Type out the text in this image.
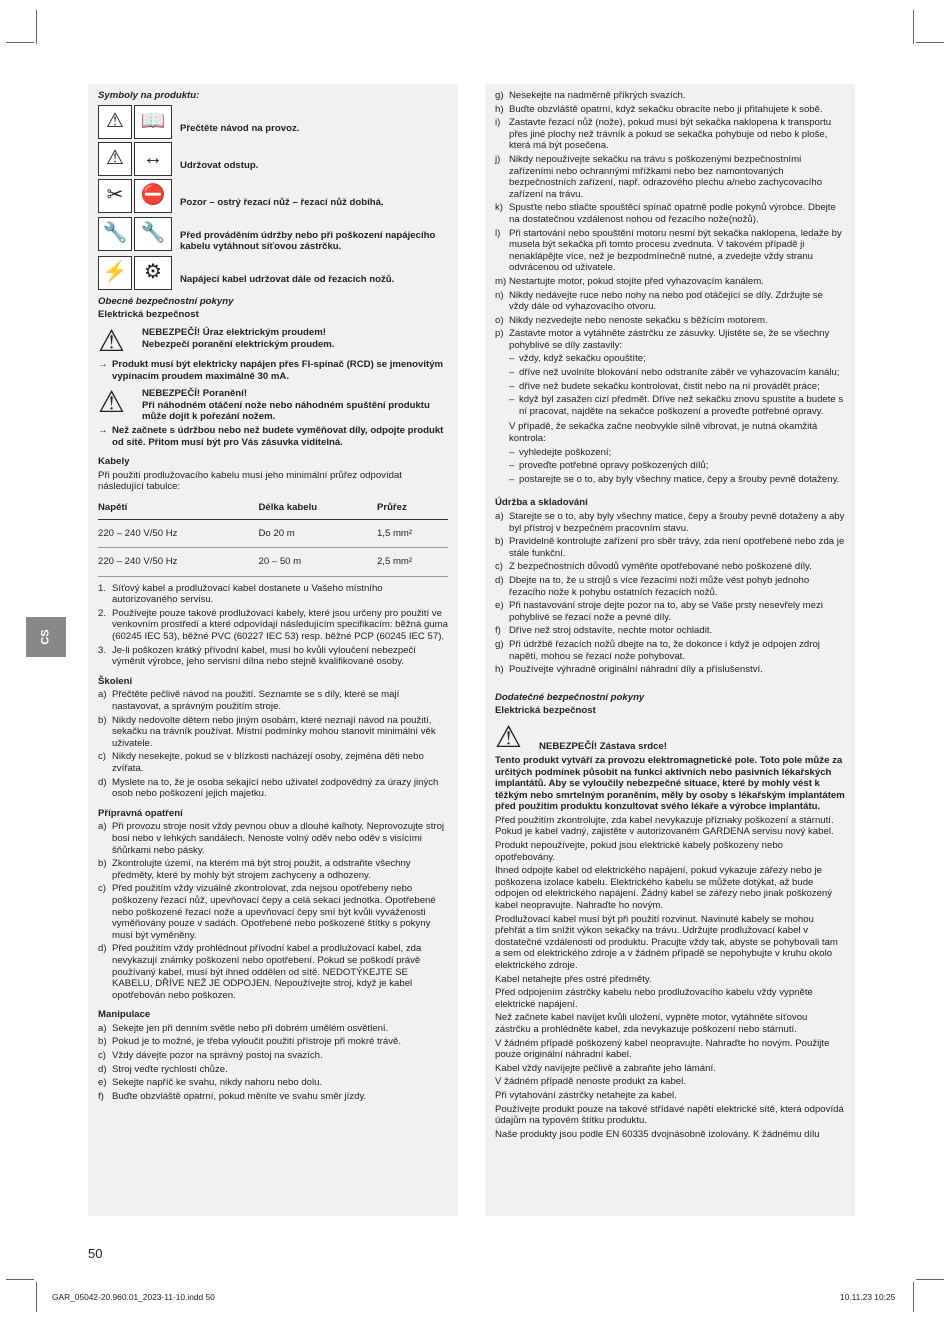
CS

Symboly na produktu:

⚠ 📖	Přečtěte návod na provoz.
⚠ ↔	Udržovat odstup.
✂ ⛔	Pozor – ostrý řezací nůž – řezací nůž dobíhá.
🔧 🔧	Před prováděním údržby nebo při poškození napájecího kabelu vytáhnout síťovou zástrčku.
⚡ ⚙	Napájecí kabel udržovat dále od řezacích nožů.

Obecné bezpečnostní pokyny

Elektrická bezpečnost

⚠	NEBEZPEČÍ! Úraz elektrickým proudem!
Nebezpečí poranění elektrickým proudem.
→ Produkt musí být elektricky napájen přes FI-spínač (RCD) se jmenovitým vypínacím proudem maximálně 30 mA.
⚠	NEBEZPEČÍ! Poranění!
Při náhodném otáčení nože nebo náhodném spuštění produktu může dojít k pořezání nožem.
→ Než začnete s údržbou nebo než budete vyměňovat díly, odpojte produkt od sítě. Přitom musí být pro Vás zásuvka viditelná.

Kabely

Při použití prodlužovacího kabelu musí jeho minimální průřez odpovídat následující tabulce:

Napětí	Délka kabelu	Průřez
220 – 240 V/50 Hz	Do 20 m	1,5 mm²
220 – 240 V/50 Hz	20 – 50 m	2,5 mm²
1. Síťový kabel a prodlužovací kabel dostanete u Vašeho místního autorizovaného servisu.
2. Používejte pouze takové prodlužovací kabely, které jsou určeny pro použití ve venkovním prostředí a které odpovídají následujícím specifikacím: běžná guma (60245 IEC 53), běžné PVC (60227 IEC 53) resp. běžné PCP (60245 IEC 57).
3. Je-li poškozen krátký přívodní kabel, musí ho kvůli vyloučení nebezpečí výměnit výrobce, jeho servisní dílna nebo stejně kvalifikované osoby.

Školení

a) Přečtěte pečlivě návod na použití. Seznamte se s díly, které se mají nastavovat, a správným použitím stroje.
b) Nikdy nedovolte dětem nebo jiným osobám, které neznají návod na použití, sekačku na trávník používat. Místní podmínky mohou stanovit minimální věk uživatele.
c) Nikdy nesekejte, pokud se v blízkosti nacházejí osoby, zejména děti nebo zvířata.
d) Myslete na to, že je osoba sekající nebo uživatel zodpovědný za úrazy jiných osob nebo poškození jejich majetku.

Přípravná opatření

a) Při provozu stroje nosit vždy pevnou obuv a dlouhé kalhoty. Neprovozujte stroj bosi nebo v lehkých sandálech. Nenoste volný oděv nebo oděv s visícími šňůrkami nebo pásky.
b) Zkontrolujte území, na kterém má být stroj použit, a odstraňte všechny předměty, které by mohly být strojem zachyceny a odhozeny.
c) Před použitím vždy vizuálně zkontrolovat, zda nejsou opotřebeny nebo poškozeny řezací nůž, upevňovací čepy a celá sekací jednotka. Opotřebené nebo poškozené řezací nože a upevňovací čepy smí být kvůli vyváženosti vyměňovány pouze v sadách. Opotřebené nebo poškozené štítky s pokyny musí být vyměněny.
d) Před použitím vždy prohlédnout přívodní kabel a prodlužovací kabel, zda nevykazují známky poškození nebo opotřebení. Pokud se poškodí právě používaný kabel, musí být ihned oddělen od sítě. NEDOTÝKEJTE SE KABELU, DŘÍVE NEŽ JE ODPOJEN. Nepoužívejte stroj, když je kabel opotřebován nebo poškozen.

Manipulace

a) Sekejte jen při denním světle nebo při dobrém umělém osvětlení.
b) Pokud je to možné, je třeba vyloučit použití přístroje při mokré trávě.
c) Vždy dávejte pozor na správný postoj na svazích.
d) Stroj veďte rychlostí chůze.
e) Sekejte napříč ke svahu, nikdy nahoru nebo dolu.
f) Buďte obzvláště opatrní, pokud měníte ve svahu směr jízdy.
g) Nesekejte na nadměrně příkrých svazích.
h) Buďte obzvláště opatrní, když sekačku obracíte nebo ji přitahujete k sobě.
i) Zastavte řezací nůž (nože), pokud musí být sekačka naklopena k transportu přes jiné plochy než trávník a pokud se sekačka pohybuje od nebo k ploše, která má být posečena.
j) Nikdy nepoužívejte sekačku na trávu s poškozenými bezpečnostními zařízeními nebo ochrannými mřížkami nebo bez namontovaných bezpečnostních zařízení, např. odrazového plechu a/nebo zachycovacího zařízení na trávu.
k) Spusťte nebo stlačte spouštěcí spínač opatrně podle pokynů výrobce. Dbejte na dostatečnou vzdálenost nohou od řezacího nože(nožů).
l) Při startování nebo spouštění motoru nesmí být sekačka naklopena, ledaže by musela být sekačka při tomto procesu zvednuta. V takovém případě ji nenaklápějte více, než je bezpodmínečně nutné, a zvedejte vždy stranu odvrácenou od uživatele.
m) Nestartujte motor, pokud stojíte před vyhazovacím kanálem.
n) Nikdy nedávejte ruce nebo nohy na nebo pod otáčející se díly. Zdržujte se vždy dále od vyhazovacího otvoru.
o) Nikdy nezvedejte nebo nenoste sekačku s běžícím motorem.
p) Zastavte motor a vytáhněte zástrčku ze zásuvky. Ujistěte se, že se všechny pohyblivé se díly zastavily:
– vždy, když sekačku opouštíte;
– dříve než uvolníte blokování nebo odstraníte záběr ve vyhazovacím kanálu;
– dříve než budete sekačku kontrolovat, čistit nebo na ní provádět práce;
– když byl zasažen cizí předmět. Dříve než sekačku znovu spustíte a budete s ní pracovat, najděte na sekačce poškození a proveďte potřebné opravy.

V případě, že sekačka začne neobvykle silně vibrovat, je nutná okamžitá kontrola:

– vyhledejte poškození;
– proveďte potřebné opravy poškozených dílů;
– postarejte se o to, aby byly všechny matice, čepy a šrouby pevně dotaženy.

Údržba a skladování

a) Starejte se o to, aby byly všechny matice, čepy a šrouby pevně dotaženy a aby byl přístroj v bezpečném pracovním stavu.
b) Pravidelně kontrolujte zařízení pro sběr trávy, zda není opotřebené nebo zda je stále funkční.
c) Z bezpečnostních důvodů vyměňte opotřebované nebo poškozené díly.
d) Dbejte na to, že u strojů s více řezacími noži může vést pohyb jednoho řezacího nože k pohybu ostatních řezacích nožů.
e) Při nastavování stroje dejte pozor na to, aby se Vaše prsty nesevřely mezi pohyblivé se řezací nože a pevné díly.
f) Dříve než stroj odstavíte, nechte motor ochladit.
g) Při údržbě řezacích nožů dbejte na to, že dokonce i když je odpojen zdroj napětí, mohou se řezací nože pohybovat.
h) Používejte výhradně originální náhradní díly a příslušenství.

Dodatečné bezpečnostní pokyny

Elektrická bezpečnost

⚠	NEBEZPEČÍ! Zástava srdce!

Tento produkt vytváří za provozu elektromagnetické pole. Toto pole může za určitých podmínek působit na funkci aktivních nebo pasivních lékařských implantátů. Aby se vyloučily nebezpečné situace, které by mohly vést k těžkým nebo smrtelným poraněním, měly by osoby s lékařským implantátem před použitím produktu konzultovat svého lékaře a výrobce implantátu.

Před použitím zkontrolujte, zda kabel nevykazuje příznaky poškození a stárnutí. Pokud je kabel vadný, zajistěte v autorizovaném GARDENA servisu nový kabel.

Produkt nepoužívejte, pokud jsou elektrické kabely poškozeny nebo opotřebovány.

Ihned odpojte kabel od elektrického napájení, pokud vykazuje zářezy nebo je poškozena izolace kabelu. Elektrického kabelu se můžete dotýkat, až bude odpojen od elektrického napájení. Žádný kabel se zářezy nebo jinak poškozený kabel neopravujte. Nahraďte ho novým.

Prodlužovací kabel musí být při použití rozvinut. Navinuté kabely se mohou přehřát a tím snížit výkon sekačky na trávu. Udržujte prodlužovací kabel v dostatečné vzdálenosti od produktu. Pracujte vždy tak, abyste se pohybovali tam a sem od elektrického zdroje a v žádném případě se nepohybujte v kruhu okolo elektrického zdroje.

Kabel netahejte přes ostré předměty.

Před odpojením zástrčky kabelu nebo prodlužovacího kabelu vždy vypněte elektrické napájení.

Než začnete kabel navíjet kvůli uložení, vypněte motor, vytáhněte síťovou zástrčku a prohlédněte kabel, zda nevykazuje poškození nebo stárnutí.

V žádném případě poškozený kabel neopravujte. Nahraďte ho novým. Použijte pouze originální náhradní kabel.

Kabel vždy navíjejte pečlivě a zabraňte jeho lámání.

V žádném případě nenoste produkt za kabel.

Při vytahování zástrčky netahejte za kabel.

Používejte produkt pouze na takové střídavé napětí elektrické sítě, která odpovídá údajům na typovém štítku produktu.

Naše produkty jsou podle EN 60335 dvojnásobně izolovány. K žádnému dílu

50
GAR_05042-20.960.01_2023-11-10.indd 50	10.11.23 10:25
